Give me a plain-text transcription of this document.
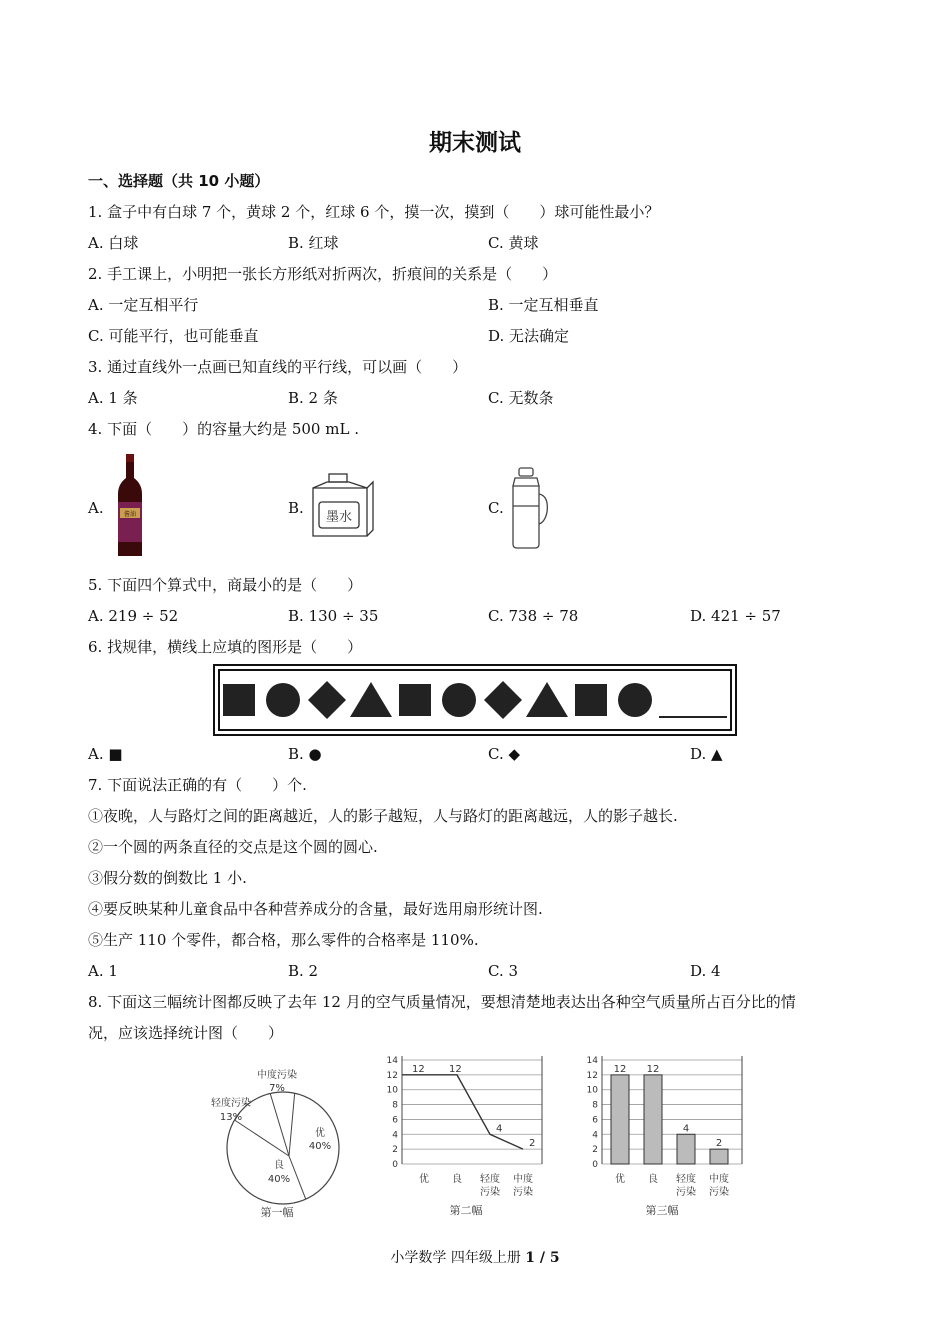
期末测试
一、选择题（共 10 小题）
1. 盒子中有白球 7 个，黄球 2 个，红球 6 个，摸一次，摸到（　　）球可能性最小？
A. 白球	B. 红球	C. 黄球
2. 手工课上，小明把一张长方形纸对折两次，折痕间的关系是（　　）
A. 一定互相平行	B. 一定互相垂直
C. 可能平行，也可能垂直	D. 无法确定
3. 通过直线外一点画已知直线的平行线，可以画（　　）
A. 1 条	B. 2 条	C. 无数条
4. 下面（　　）的容量大约是 500 mL .
A.	酱油	B.
墨水
C.
5. 下面四个算式中，商最小的是（　　）
A. 219 ÷ 52	B. 130 ÷ 35	C. 738 ÷ 78	D. 421 ÷ 57
6. 找规律，横线上应填的图形是（　　）
A. ■	B. ●	C. ◆	D. ▲
7. 下面说法正确的有（　　）个.
①夜晚，人与路灯之间的距离越近，人的影子越短，人与路灯的距离越远，人的影子越长.
②一个圆的两条直径的交点是这个圆的圆心.
③假分数的倒数比 1 小.
④要反映某种儿童食品中各种营养成分的含量，最好选用扇形统计图.
⑤生产 110 个零件，都合格，那么零件的合格率是 110%.
A. 1	B. 2	C. 3	D. 4
8. 下面这三幅统计图都反映了去年 12 月的空气质量情况，要想清楚地表达出各种空气质量所占百分比的情
况，应该选择统计图（　　）
中度污染
7%
轻度污染
13%
优
40%
良
40%
第一幅
0
2
4
6
8
10
12
14
12 12
4
2
优 良 轻度
污染
中度
污染
第二幅
0
2
4
6
8
10
12
14
12 12
4
2
优 良 轻度
污染
中度
污染
第三幅
小学数学 四年级上册 1 / 5
